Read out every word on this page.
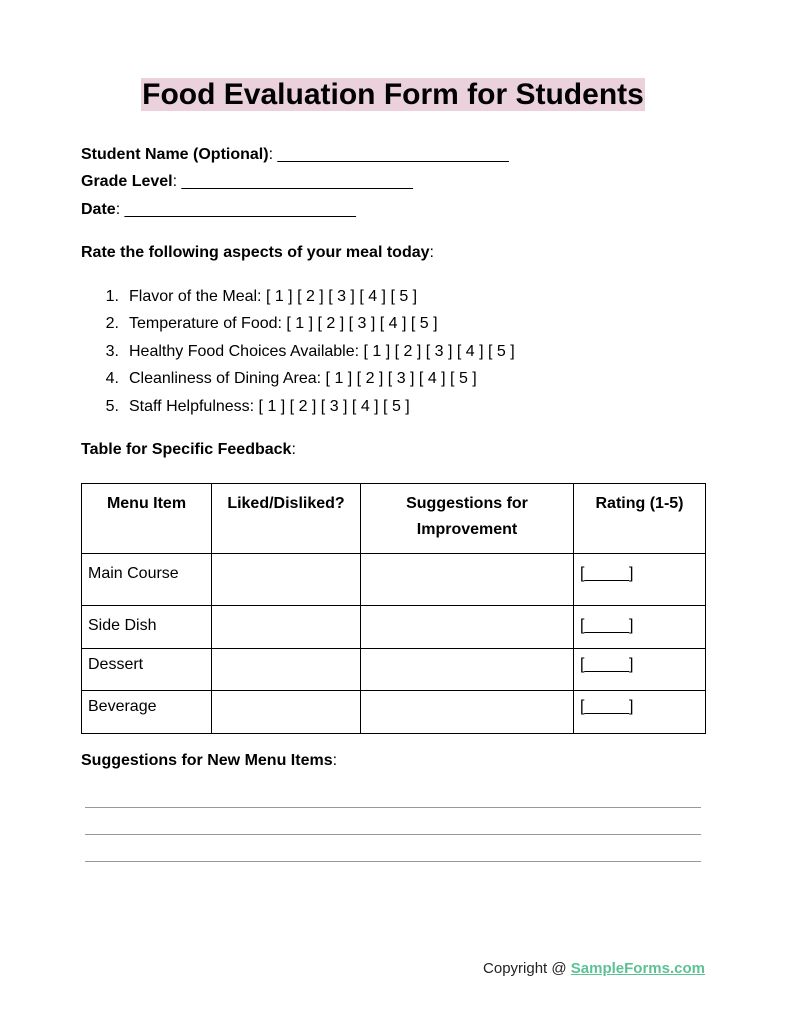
Food Evaluation Form for Students
Student Name (Optional): __________________________
Grade Level: __________________________
Date: __________________________
Rate the following aspects of your meal today:
1. Flavor of the Meal: [ 1 ] [ 2 ] [ 3 ] [ 4 ] [ 5 ]
2. Temperature of Food: [ 1 ] [ 2 ] [ 3 ] [ 4 ] [ 5 ]
3. Healthy Food Choices Available: [ 1 ] [ 2 ] [ 3 ] [ 4 ] [ 5 ]
4. Cleanliness of Dining Area: [ 1 ] [ 2 ] [ 3 ] [ 4 ] [ 5 ]
5. Staff Helpfulness: [ 1 ] [ 2 ] [ 3 ] [ 4 ] [ 5 ]
Table for Specific Feedback:
Menu Item	Liked/Disliked?	Suggestions for Improvement	Rating (1-5)
Main Course			[_____]
Side Dish			[_____]
Dessert			[_____]
Beverage			[_____]
Suggestions for New Menu Items:
Copyright @ SampleForms.com
